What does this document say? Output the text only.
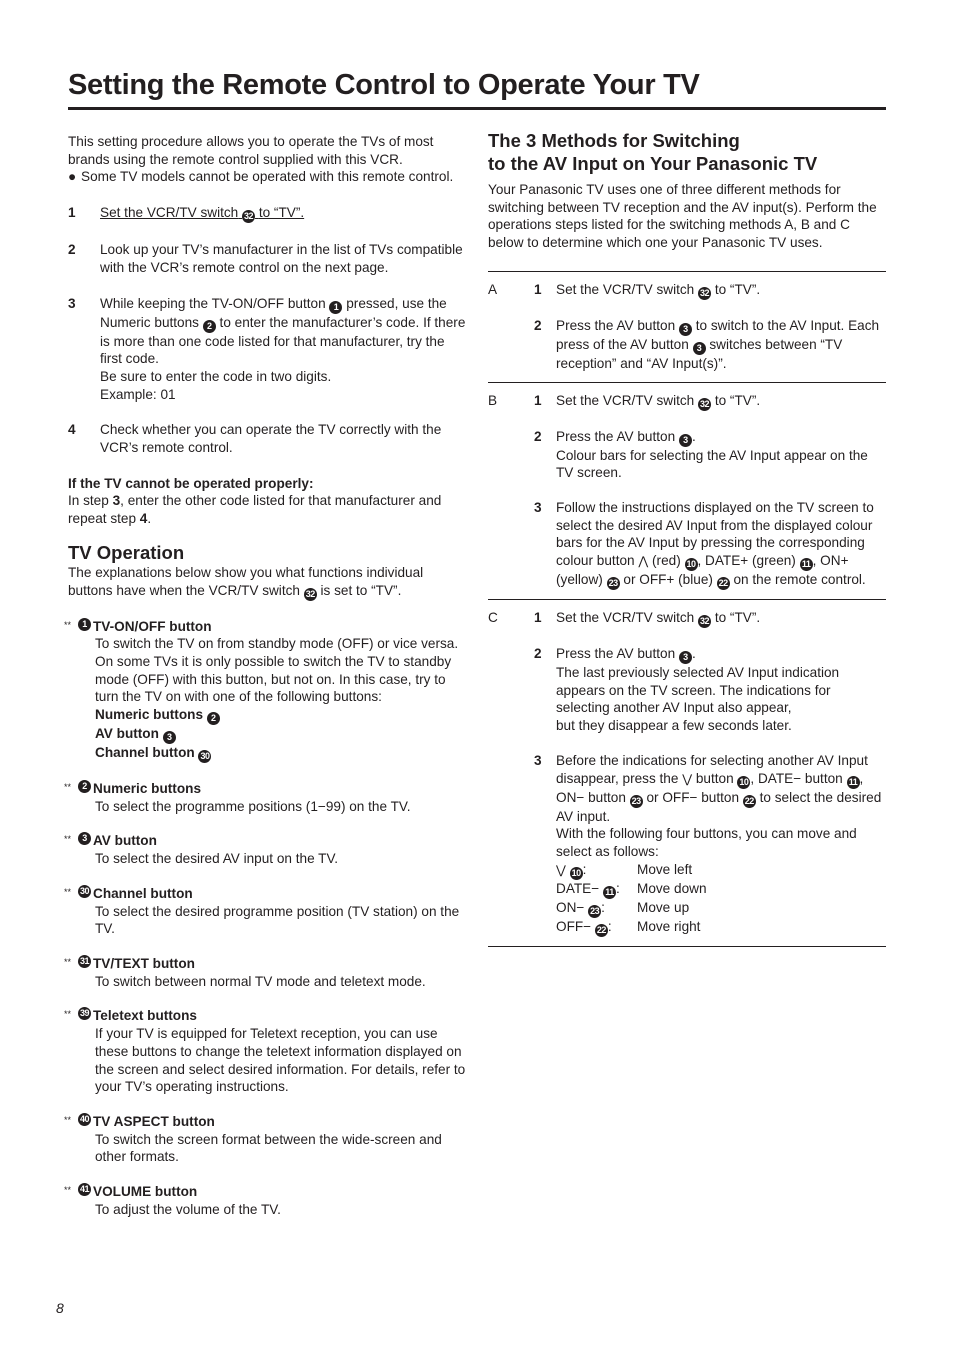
Setting the Remote Control to Operate Your TV

This setting procedure allows you to operate the TVs of most brands using the remote control supplied with this VCR.

● Some TV models cannot be operated with this remote control.
1	Set the VCR/TV switch 32 to “TV”.
2	Look up your TV’s manufacturer in the list of TVs compatible with the VCR’s remote control on the next page.
3	While keeping the TV-ON/OFF button 1 pressed, use the Numeric buttons 2 to enter the manufacturer’s code. If there is more than one code listed for that manufacturer, try the first code.
Be sure to enter the code in two digits.
Example: 01
4	Check whether you can operate the TV correctly with the VCR’s remote control.

If the TV cannot be operated properly:

In step 3, enter the other code listed for that manufacturer and repeat step 4.

TV Operation

The explanations below show you what functions individual buttons have when the VCR/TV switch 32 is set to “TV”.

**	1 TV-ON/OFF button

To switch the TV on from standby mode (OFF) or vice versa.

On some TVs it is only possible to switch the TV to standby mode (OFF) with this button, but not on. In this case, try to turn the TV on with one of the following buttons:

Numeric buttons 2

AV button 3

Channel button 30

**	2 Numeric buttons

To select the programme positions (1−99) on the TV.

**	3 AV button

To select the desired AV input on the TV.

** 30 Channel button

To select the desired programme position (TV station) on the TV.

** 31 TV/TEXT button

To switch between normal TV mode and teletext mode.

** 39 Teletext buttons

If your TV is equipped for Teletext reception, you can use these buttons to change the teletext information displayed on the screen and select desired information. For details, refer to your TV’s operating instructions.

** 40 TV ASPECT button

To switch the screen format between the wide-screen and other formats.

** 41 VOLUME button

To adjust the volume of the TV.

The 3 Methods for Switching

to the AV Input on Your Panasonic TV

Your Panasonic TV uses one of three different methods for switching between TV reception and the AV input(s). Perform the operations steps listed for the switching methods A, B and C below to determine which one your Panasonic TV uses.

A	1	Set the VCR/TV switch 32 to “TV”.
2	Press the AV button 3 to switch to the AV Input. Each press of the AV button 3 switches between “TV reception” and “AV Input(s)”.
B	1	Set the VCR/TV switch 32 to “TV”.
2	Press the AV button 3 .
Colour bars for selecting the AV Input appear on the TV screen.
3	Follow the instructions displayed on the TV screen to select the desired AV Input from the displayed colour bars for the AV Input by pressing the corresponding colour button ⋀ (red) 10 , DATE+ (green) 11 , ON+ (yellow) 23 or OFF+ (blue) 22 on the remote control.
C	1	Set the VCR/TV switch 32 to “TV”.
2	Press the AV button 3 .
The last previously selected AV Input indication appears on the TV screen. The indications for selecting another AV Input also appear,
but they disappear a few seconds later.
3	Before the indications for selecting another AV Input disappear, press the ⋁ button 10 , DATE− button 11 , ON− button 23 or OFF− button 22 to select the desired AV input.
With the following four buttons, you can move and select as follows:
⋁ 10 :	Move left
DATE− 11 :	Move down
ON− 23 :	Move up
OFF− 22 :	Move right
8
